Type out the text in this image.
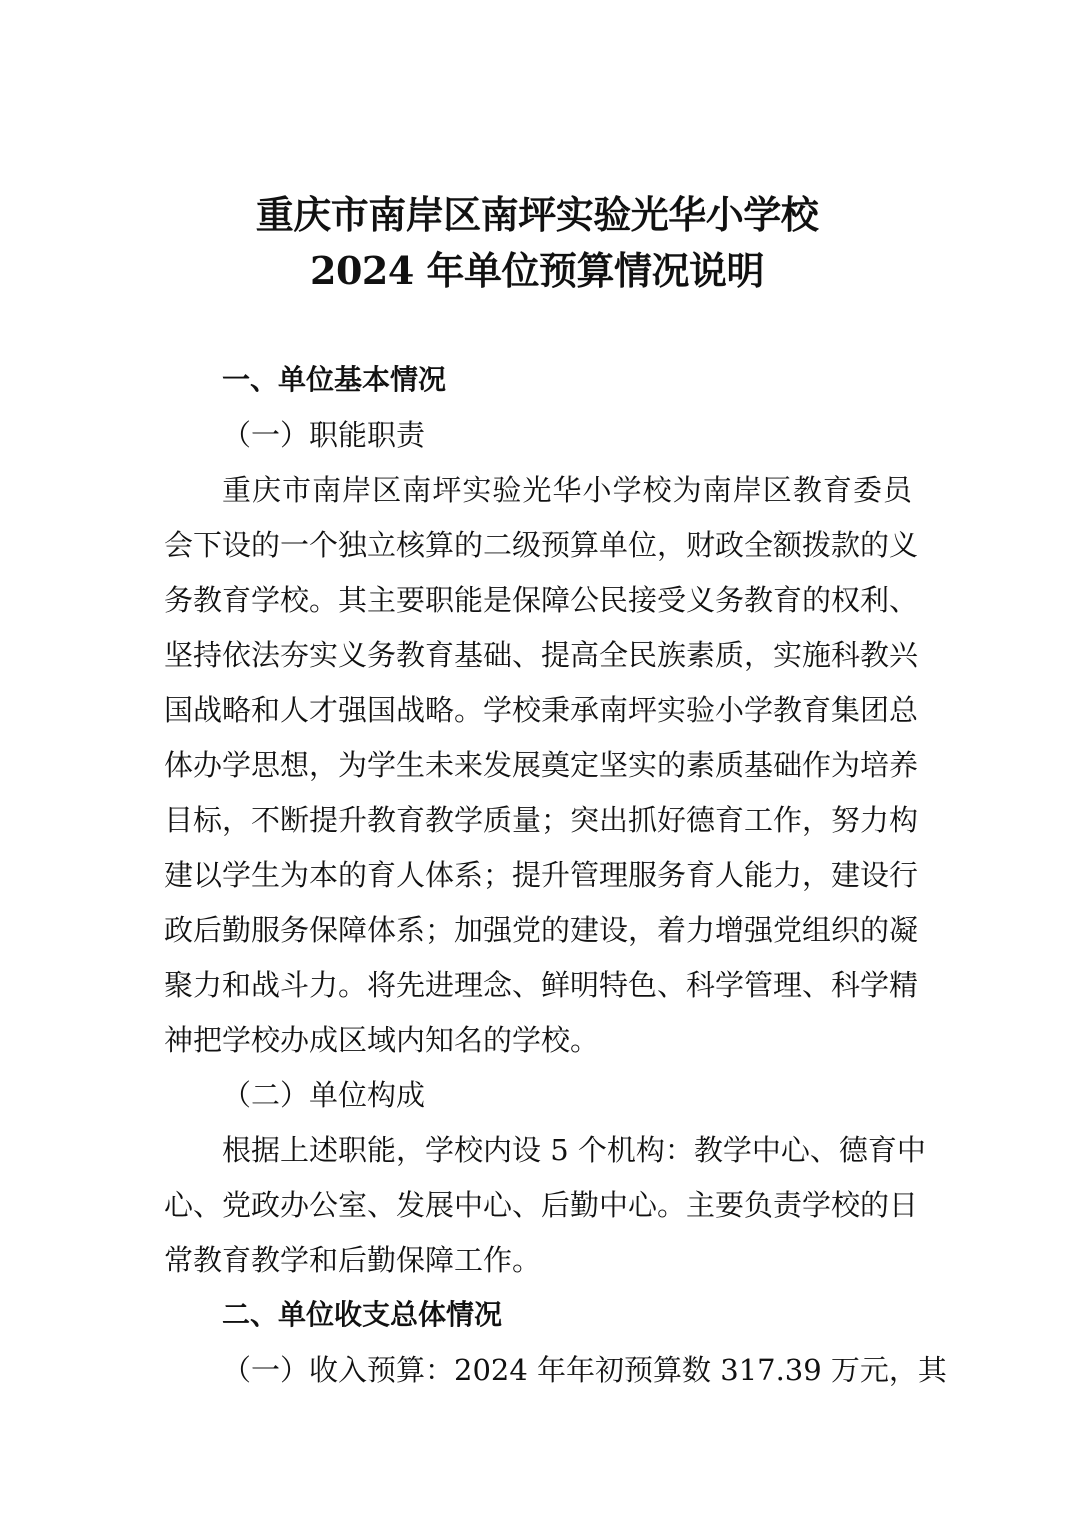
重庆市南岸区南坪实验光华小学校
2024 年单位预算情况说明
一、单位基本情况
（一）职能职责
重庆市南岸区南坪实验光华小学校为南岸区教育委员
会下设的一个独立核算的二级预算单位，财政全额拨款的义
务教育学校。其主要职能是保障公民接受义务教育的权利、
坚持依法夯实义务教育基础、提高全民族素质，实施科教兴
国战略和人才强国战略。学校秉承南坪实验小学教育集团总
体办学思想，为学生未来发展奠定坚实的素质基础作为培养
目标，不断提升教育教学质量；突出抓好德育工作，努力构
建以学生为本的育人体系；提升管理服务育人能力，建设行
政后勤服务保障体系；加强党的建设，着力增强党组织的凝
聚力和战斗力。将先进理念、鲜明特色、科学管理、科学精
神把学校办成区域内知名的学校。
（二）单位构成
根据上述职能，学校内设 5 个机构：教学中心、德育中
心、党政办公室、发展中心、后勤中心。主要负责学校的日
常教育教学和后勤保障工作。
二、单位收支总体情况
（一）收入预算：2024 年年初预算数 317.39 万元，其
